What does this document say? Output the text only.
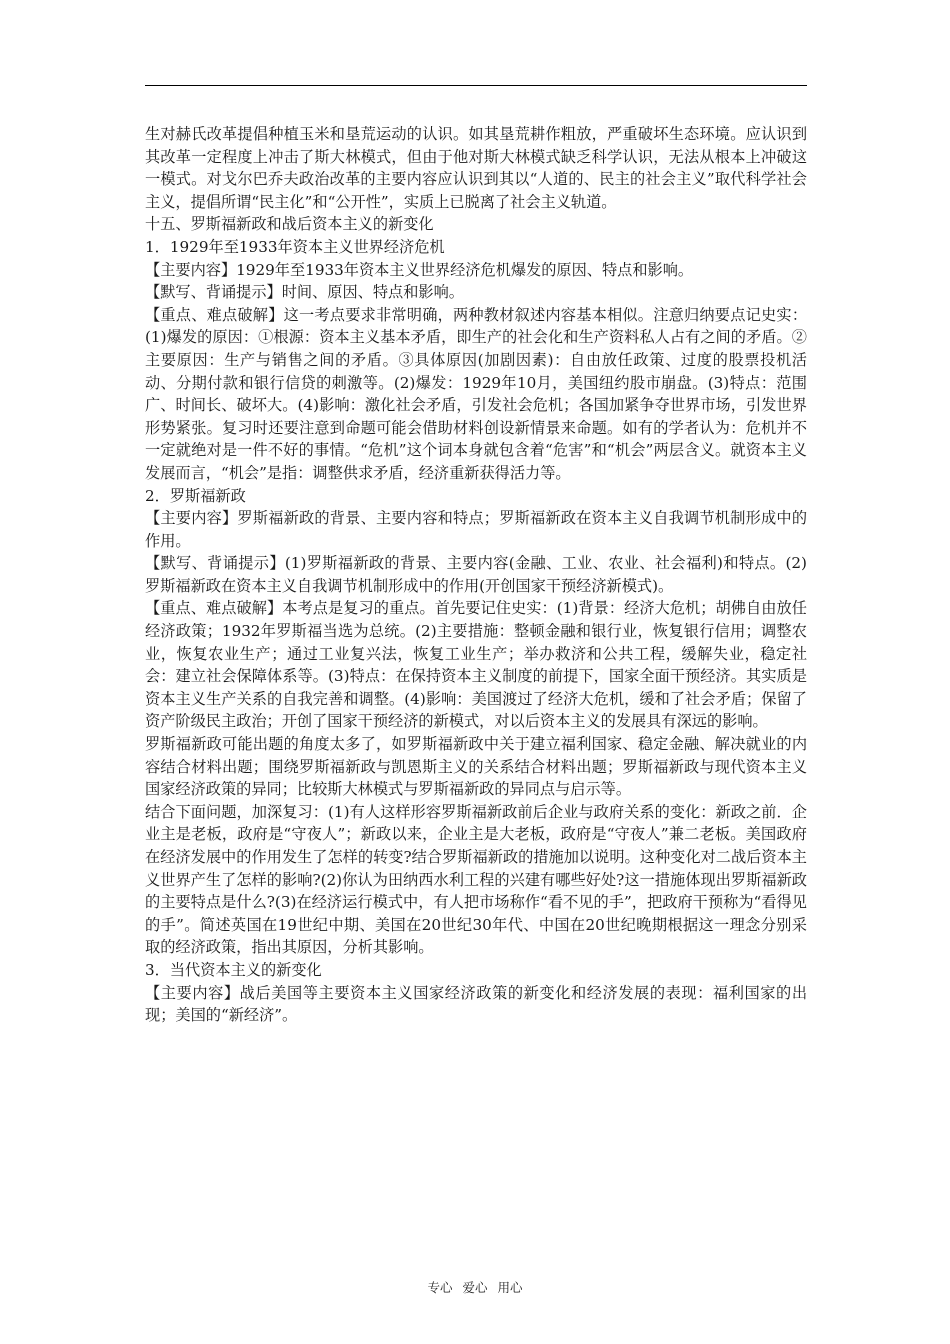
生对赫氏改革提倡种植玉米和垦荒运动的认识。如其垦荒耕作粗放，严重破坏生态环境。应认识到其改革一定程度上冲击了斯大林模式，但由于他对斯大林模式缺乏科学认识，无法从根本上冲破这一模式。对戈尔巴乔夫政治改革的主要内容应认识到其以“人道的、民主的社会主义”取代科学社会主义，提倡所谓“民主化”和“公开性”，实质上已脱离了社会主义轨道。

十五、罗斯福新政和战后资本主义的新变化

1．1929年至1933年资本主义世界经济危机

【主要内容】1929年至1933年资本主义世界经济危机爆发的原因、特点和影响。

【默写、背诵提示】时间、原因、特点和影响。

【重点、难点破解】这一考点要求非常明确，两种教材叙述内容基本相似。注意归纳要点记史实：(1)爆发的原因：①根源：资本主义基本矛盾，即生产的社会化和生产资料私人占有之间的矛盾。②主要原因：生产与销售之间的矛盾。③具体原因(加剧因素)：自由放任政策、过度的股票投机活动、分期付款和银行信贷的刺激等。(2)爆发：1929年10月，美国纽约股市崩盘。(3)特点：范围广、时间长、破坏大。(4)影响：激化社会矛盾，引发社会危机；各国加紧争夺世界市场，引发世界形势紧张。复习时还要注意到命题可能会借助材料创设新情景来命题。如有的学者认为：危机并不一定就绝对是一件不好的事情。“危机”这个词本身就包含着“危害”和“机会”两层含义。就资本主义发展而言，“机会”是指：调整供求矛盾，经济重新获得活力等。

2．罗斯福新政

【主要内容】罗斯福新政的背景、主要内容和特点；罗斯福新政在资本主义自我调节机制形成中的作用。

【默写、背诵提示】(1)罗斯福新政的背景、主要内容(金融、工业、农业、社会福利)和特点。(2)罗斯福新政在资本主义自我调节机制形成中的作用(开创国家干预经济新模式)。

【重点、难点破解】本考点是复习的重点。首先要记住史实：(1)背景：经济大危机；胡佛自由放任经济政策；1932年罗斯福当选为总统。(2)主要措施：整顿金融和银行业，恢复银行信用；调整农业，恢复农业生产；通过工业复兴法，恢复工业生产；举办救济和公共工程，缓解失业，稳定社会：建立社会保障体系等。(3)特点：在保持资本主义制度的前提下，国家全面干预经济。其实质是资本主义生产关系的自我完善和调整。(4)影响：美国渡过了经济大危机，缓和了社会矛盾；保留了资产阶级民主政治；开创了国家干预经济的新模式，对以后资本主义的发展具有深远的影响。

罗斯福新政可能出题的角度太多了，如罗斯福新政中关于建立福利国家、稳定金融、解决就业的内容结合材料出题；围绕罗斯福新政与凯恩斯主义的关系结合材料出题；罗斯福新政与现代资本主义国家经济政策的异同；比较斯大林模式与罗斯福新政的异同点与启示等。

结合下面问题，加深复习：(1)有人这样形容罗斯福新政前后企业与政府关系的变化：新政之前．企业主是老板，政府是“守夜人”；新政以来，企业主是大老板，政府是“守夜人”兼二老板。美国政府在经济发展中的作用发生了怎样的转变?结合罗斯福新政的措施加以说明。这种变化对二战后资本主义世界产生了怎样的影响?(2)你认为田纳西水利工程的兴建有哪些好处?这一措施体现出罗斯福新政的主要特点是什么?(3)在经济运行模式中，有人把市场称作“看不见的手”，把政府干预称为“看得见的手”。简述英国在19世纪中期、美国在20世纪30年代、中国在20世纪晚期根据这一理念分别采取的经济政策，指出其原因，分析其影响。

3．当代资本主义的新变化

【主要内容】战后美国等主要资本主义国家经济政策的新变化和经济发展的表现：福利国家的出现；美国的“新经济”。

专心 爱心 用心
